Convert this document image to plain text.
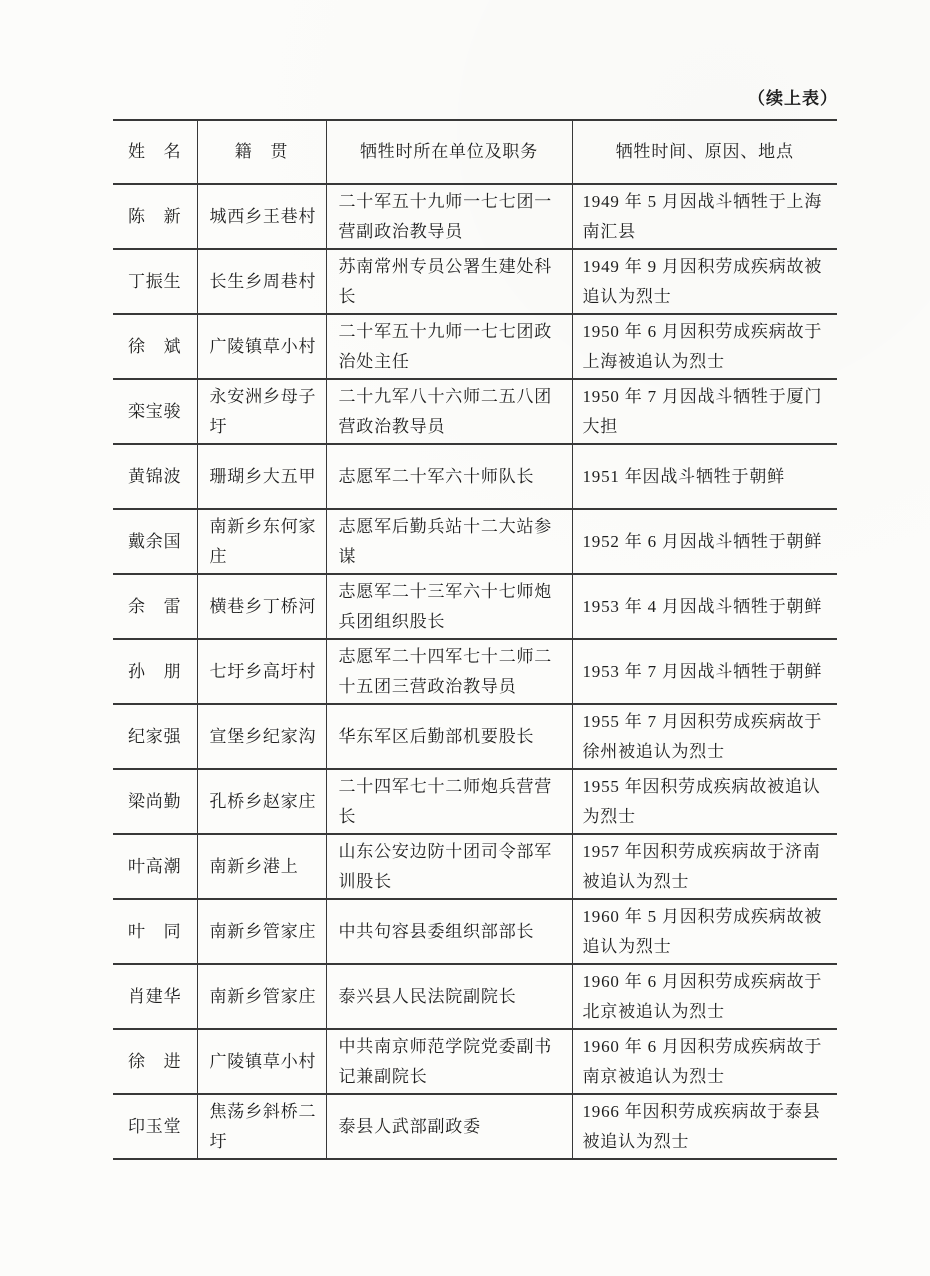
（续上表）
姓　名	籍　贯	牺牲时所在单位及职务	牺牲时间、原因、地点
陈　新	城西乡王巷村	二十军五十九师一七七团一营副政治教导员	1949 年 5 月因战斗牺牲于上海南汇县
丁振生	长生乡周巷村	苏南常州专员公署生建处科长	1949 年 9 月因积劳成疾病故被追认为烈士
徐　斌	广陵镇草小村	二十军五十九师一七七团政治处主任	1950 年 6 月因积劳成疾病故于上海被追认为烈士
栾宝骏	永安洲乡母子圩	二十九军八十六师二五八团营政治教导员	1950 年 7 月因战斗牺牲于厦门大担
黄锦波	珊瑚乡大五甲	志愿军二十军六十师队长	1951 年因战斗牺牲于朝鲜
戴余国	南新乡东何家庄	志愿军后勤兵站十二大站参谋	1952 年 6 月因战斗牺牲于朝鲜
余　雷	横巷乡丁桥河	志愿军二十三军六十七师炮兵团组织股长	1953 年 4 月因战斗牺牲于朝鲜
孙　朋	七圩乡高圩村	志愿军二十四军七十二师二十五团三营政治教导员	1953 年 7 月因战斗牺牲于朝鲜
纪家强	宣堡乡纪家沟	华东军区后勤部机要股长	1955 年 7 月因积劳成疾病故于徐州被追认为烈士
梁尚勤	孔桥乡赵家庄	二十四军七十二师炮兵营营长	1955 年因积劳成疾病故被追认为烈士
叶高潮	南新乡港上	山东公安边防十团司令部军训股长	1957 年因积劳成疾病故于济南被追认为烈士
叶　同	南新乡管家庄	中共句容县委组织部部长	1960 年 5 月因积劳成疾病故被追认为烈士
肖建华	南新乡管家庄	泰兴县人民法院副院长	1960 年 6 月因积劳成疾病故于北京被追认为烈士
徐　进	广陵镇草小村	中共南京师范学院党委副书记兼副院长	1960 年 6 月因积劳成疾病故于南京被追认为烈士
印玉堂	焦荡乡斜桥二圩	泰县人武部副政委	1966 年因积劳成疾病故于泰县被追认为烈士
